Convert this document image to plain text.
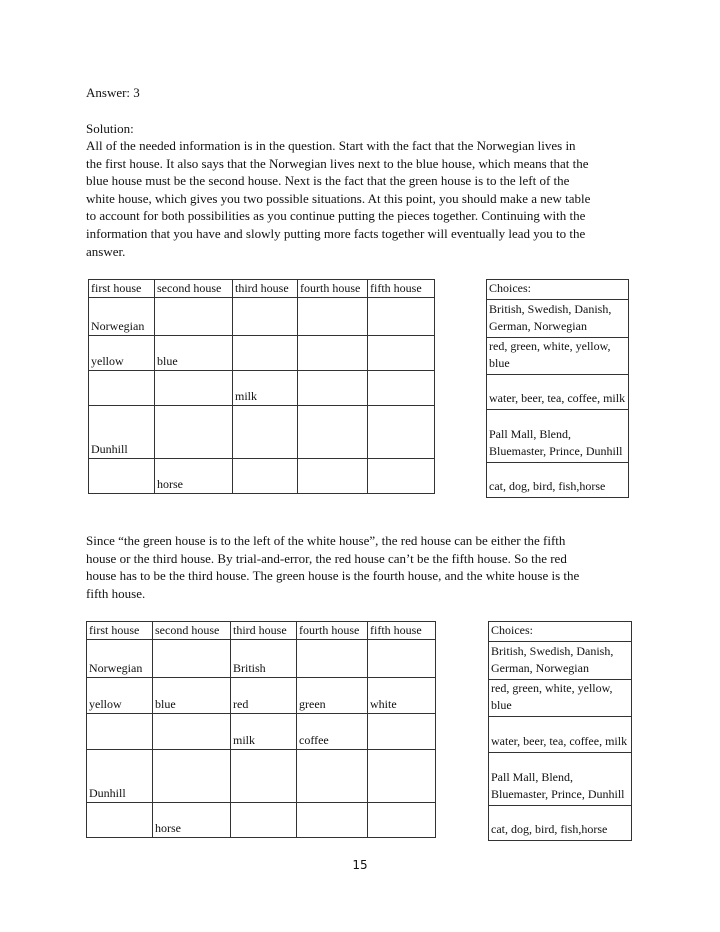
Answer: 3
Solution:
All of the needed information is in the question. Start with the fact that the Norwegian lives in
the first house. It also says that the Norwegian lives next to the blue house, which means that the
blue house must be the second house. Next is the fact that the green house is to the left of the
white house, which gives you two possible situations. At this point, you should make a new table
to account for both possibilities as you continue putting the pieces together. Continuing with the
information that you have and slowly putting more facts together will eventually lead you to the
answer.
first house	second house	third house	fourth house	fifth house
Norwegian				
yellow	blue			
		milk		
Dunhill				
	horse			
Choices:
British, Swedish, Danish, German, Norwegian
red, green, white, yellow, blue
water, beer, tea, coffee, milk
Pall Mall, Blend, Bluemaster, Prince, Dunhill
cat, dog, bird, fish,horse
Since “the green house is to the left of the white house”, the red house can be either the fifth
house or the third house. By trial-and-error, the red house can’t be the fifth house. So the red
house has to be the third house. The green house is the fourth house, and the white house is the
fifth house.
first house	second house	third house	fourth house	fifth house
Norwegian		British		
yellow	blue	red	green	white
		milk	coffee	
Dunhill				
	horse			
Choices:
British, Swedish, Danish, German, Norwegian
red, green, white, yellow, blue
water, beer, tea, coffee, milk
Pall Mall, Blend, Bluemaster, Prince, Dunhill
cat, dog, bird, fish,horse
15
